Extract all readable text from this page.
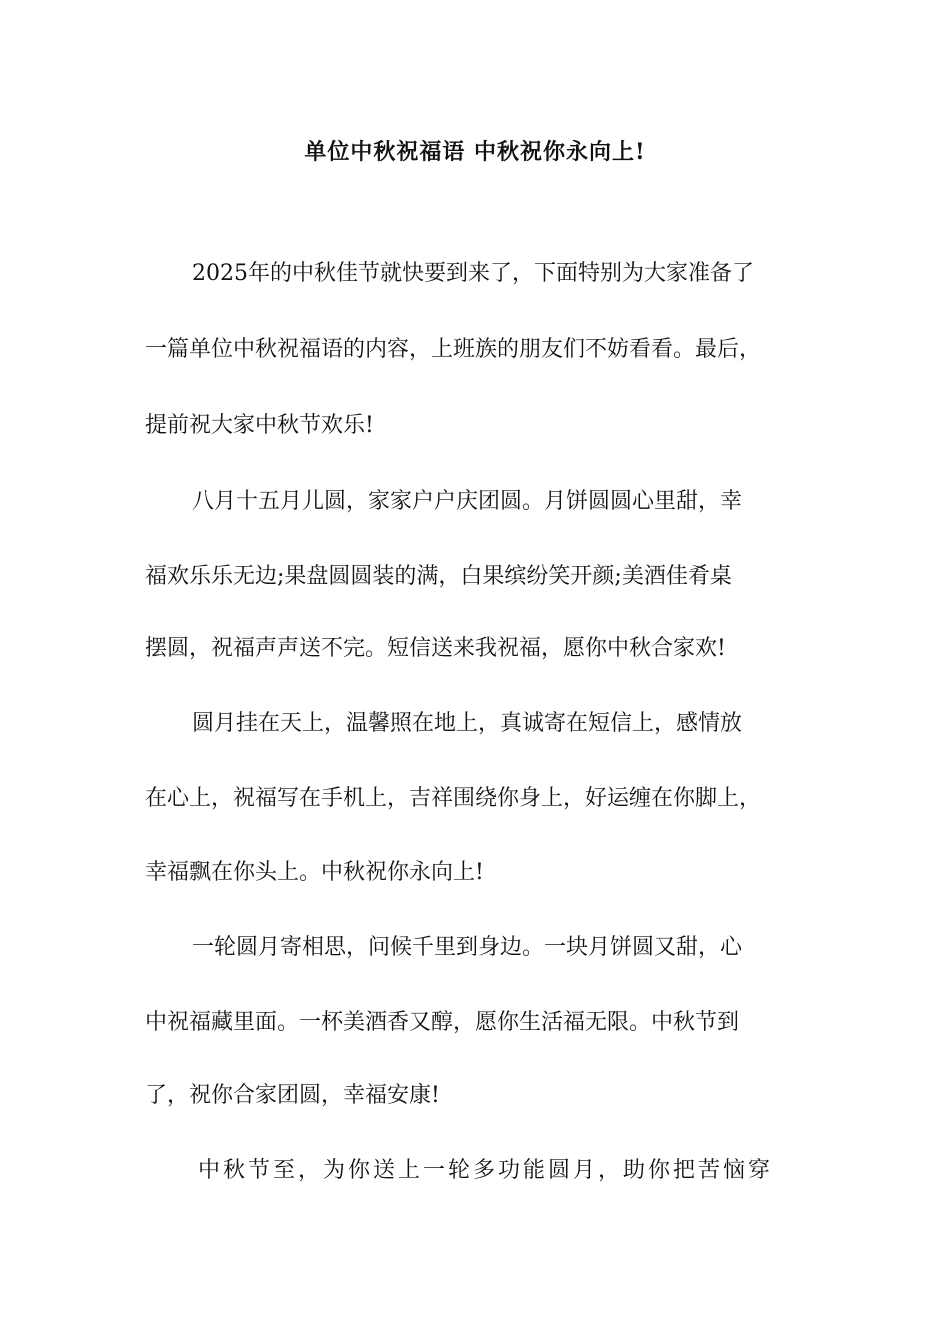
单位中秋祝福语 中秋祝你永向上!
2025年的中秋佳节就快要到来了，下面特别为大家准备了
一篇单位中秋祝福语的内容，上班族的朋友们不妨看看。最后，
提前祝大家中秋节欢乐!
八月十五月儿圆，家家户户庆团圆。月饼圆圆心里甜，幸
福欢乐乐无边;果盘圆圆装的满，白果缤纷笑开颜;美酒佳肴桌
摆圆，祝福声声送不完。短信送来我祝福，愿你中秋合家欢!
圆月挂在天上，温馨照在地上，真诚寄在短信上，感情放
在心上，祝福写在手机上，吉祥围绕你身上，好运缠在你脚上，
幸福飘在你头上。中秋祝你永向上!
一轮圆月寄相思，问候千里到身边。一块月饼圆又甜，心
中祝福藏里面。一杯美酒香又醇，愿你生活福无限。中秋节到
了，祝你合家团圆，幸福安康!
中秋节至，为你送上一轮多功能圆月，助你把苦恼穿
